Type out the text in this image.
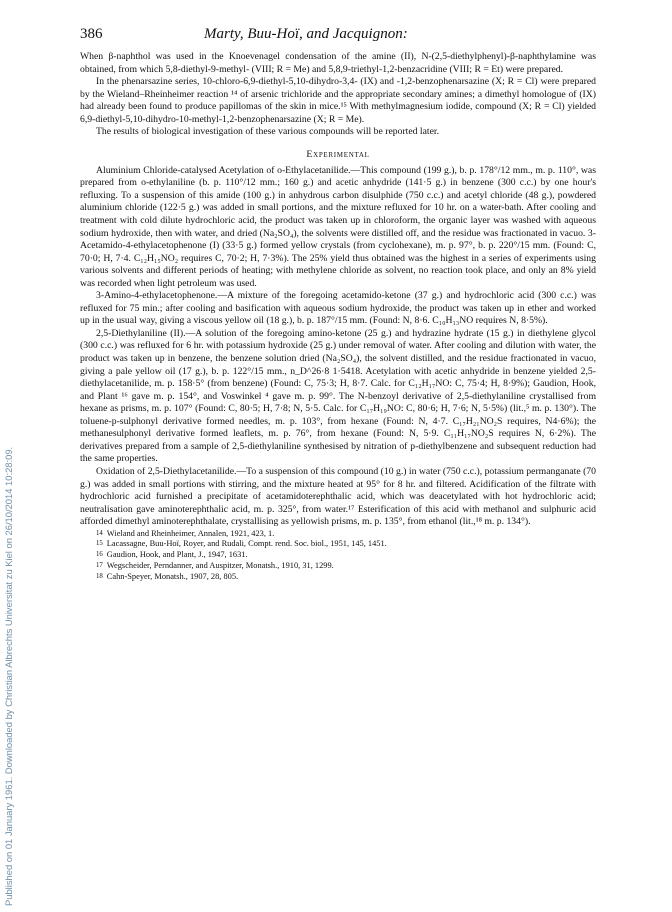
Published on 01 January 1961. Downloaded by Christian Albrechts Universitat zu Kiel on 26/10/2014 10:28:09.
386	Marty, Buu-Hoï, and Jacquignon:

When β-naphthol was used in the Knoevenagel condensation of the amine (II), N-(2,5-diethylphenyl)-β-naphthylamine was obtained, from which 5,8-diethyl-9-methyl- (VIII; R = Me) and 5,8,9-triethyl-1,2-benzacridine (VIII; R = Et) were prepared.

In the phenarsazine series, 10-chloro-6,9-diethyl-5,10-dihydro-3,4- (IX) and -1,2-benzophenarsazine (X; R = Cl) were prepared by the Wieland–Rheinheimer reaction ¹⁴ of arsenic trichloride and the appropriate secondary amines; a dimethyl homologue of (IX) had already been found to produce papillomas of the skin in mice.¹⁵ With methylmagnesium iodide, compound (X; R = Cl) yielded 6,9-diethyl-5,10-dihydro-10-methyl-1,2-benzophenarsazine (X; R = Me).

The results of biological investigation of these various compounds will be reported later.

Experimental

Aluminium Chloride-catalysed Acetylation of o-Ethylacetanilide.—This compound (199 g.), b. p. 178°/12 mm., m. p. 110°, was prepared from o-ethylaniline (b. p. 110°/12 mm.; 160 g.) and acetic anhydride (141·5 g.) in benzene (300 c.c.) by one hour's refluxing. To a suspension of this amide (100 g.) in anhydrous carbon disulphide (750 c.c.) and acetyl chloride (48 g.), powdered aluminium chloride (122·5 g.) was added in small portions, and the mixture refluxed for 10 hr. on a water-bath. After cooling and treatment with cold dilute hydrochloric acid, the product was taken up in chloroform, the organic layer was washed with aqueous sodium hydroxide, then with water, and dried (Na₂SO₄), the solvents were distilled off, and the residue was fractionated in vacuo. 3-Acetamido-4-ethylacetophenone (I) (33·5 g.) formed yellow crystals (from cyclohexane), m. p. 97°, b. p. 220°/15 mm. (Found: C, 70·0; H, 7·4. C₁₂H₁₅NO₂ requires C, 70·2; H, 7·3%). The 25% yield thus obtained was the highest in a series of experiments using various solvents and different periods of heating; with methylene chloride as solvent, no reaction took place, and only an 8% yield was recorded when light petroleum was used.

3-Amino-4-ethylacetophenone.—A mixture of the foregoing acetamido-ketone (37 g.) and hydrochloric acid (300 c.c.) was refluxed for 75 min.; after cooling and basification with aqueous sodium hydroxide, the product was taken up in ether and worked up in the usual way, giving a viscous yellow oil (18 g.), b. p. 187°/15 mm. (Found: N, 8·6. C₁₀H₁₃NO requires N, 8·5%).

2,5-Diethylaniline (II).—A solution of the foregoing amino-ketone (25 g.) and hydrazine hydrate (15 g.) in diethylene glycol (300 c.c.) was refluxed for 6 hr. with potassium hydroxide (25 g.) under removal of water. After cooling and dilution with water, the product was taken up in benzene, the benzene solution dried (Na₂SO₄), the solvent distilled, and the residue fractionated in vacuo, giving a pale yellow oil (17 g.), b. p. 122°/15 mm., n_D^26·8 1·5418. Acetylation with acetic anhydride in benzene yielded 2,5-diethylacetanilide, m. p. 158·5° (from benzene) (Found: C, 75·3; H, 8·7. Calc. for C₁₂H₁₇NO: C, 75·4; H, 8·9%); Gaudion, Hook, and Plant ¹⁶ gave m. p. 154°, and Voswinkel ⁴ gave m. p. 99°. The N-benzoyl derivative of 2,5-diethylaniline crystallised from hexane as prisms, m. p. 107° (Found: C, 80·5; H, 7·8; N, 5·5. Calc. for C₁₇H₁₉NO: C, 80·6; H, 7·6; N, 5·5%) (lit.,⁵ m. p. 130°). The toluene-p-sulphonyl derivative formed needles, m. p. 103°, from hexane (Found: N, 4·7. C₁₇H₂₁NO₂S requires, N4·6%); the methanesulphonyl derivative formed leaflets, m. p. 76°, from hexane (Found: N, 5·9. C₁₁H₁₇NO₂S requires N, 6·2%). The derivatives prepared from a sample of 2,5-diethylaniline synthesised by nitration of p-diethylbenzene and subsequent reduction had the same properties.

Oxidation of 2,5-Diethylacetanilide.—To a suspension of this compound (10 g.) in water (750 c.c.), potassium permanganate (70 g.) was added in small portions with stirring, and the mixture heated at 95° for 8 hr. and filtered. Acidification of the filtrate with hydrochloric acid furnished a precipitate of acetamidoterephthalic acid, which was deacetylated with hot hydrochloric acid; neutralisation gave aminoterephthalic acid, m. p. 325°, from water.¹⁷ Esterification of this acid with methanol and sulphuric acid afforded dimethyl aminoterephthalate, crystallising as yellowish prisms, m. p. 135°, from ethanol (lit.,¹⁸ m. p. 134°).

$^{14}$ Wieland and Rheinheimer, Annalen, 1921, 423, 1.

$^{15}$ Lacassagne, Buu-Hoï, Royer, and Rudali, Compt. rend. Soc. biol., 1951, 145, 1451.

$^{16}$ Gaudion, Hook, and Plant, J., 1947, 1631.

$^{17}$ Wegscheider, Perndanner, and Auspitzer, Monatsh., 1910, 31, 1299.

$^{18}$ Cahn-Speyer, Monatsh., 1907, 28, 805.
